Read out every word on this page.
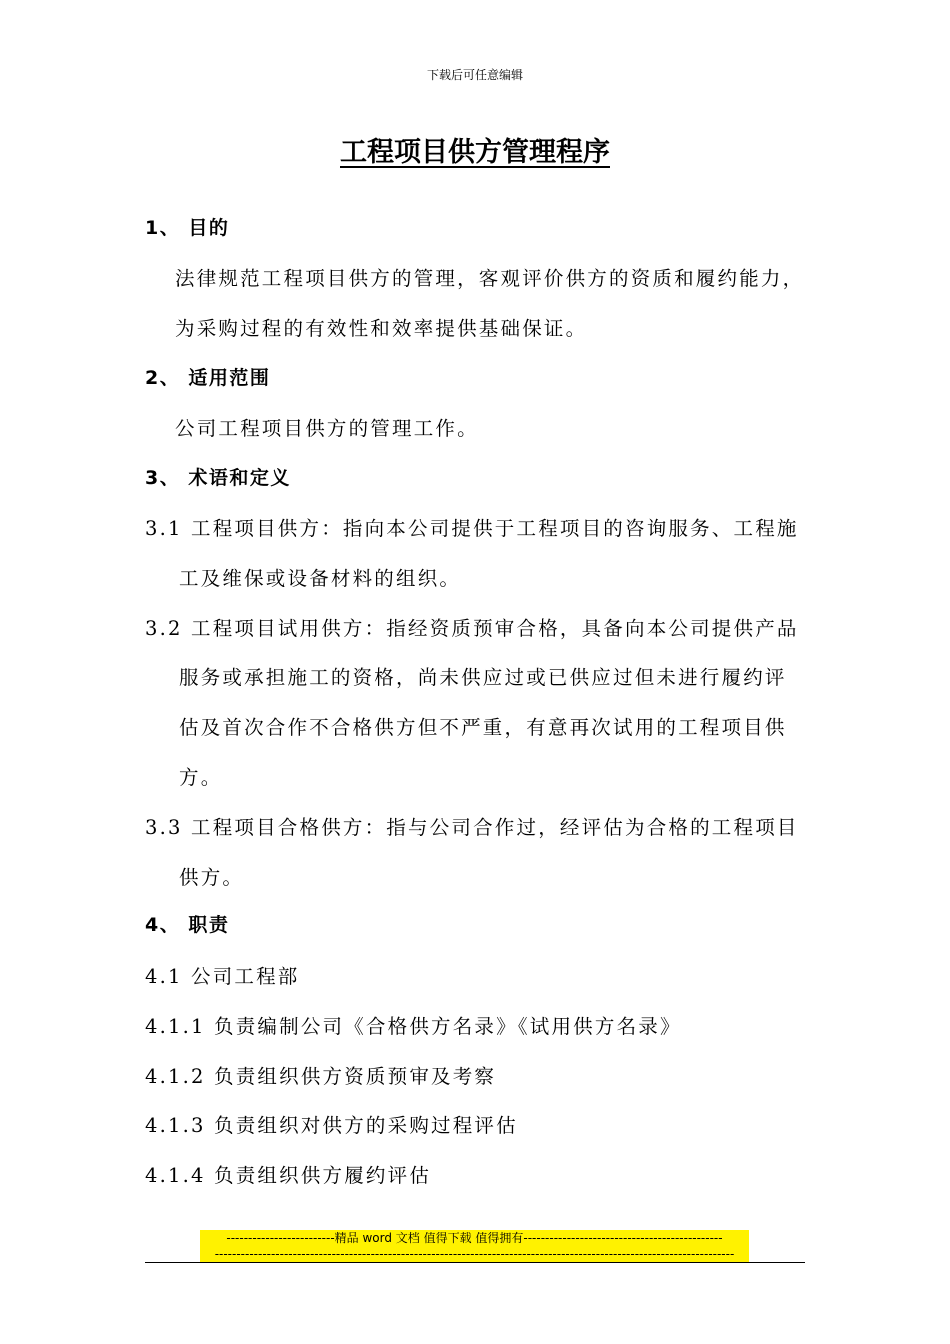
下载后可任意编辑
工程项目供方管理程序
1、 目的
法律规范工程项目供方的管理，客观评价供方的资质和履约能力，
为采购过程的有效性和效率提供基础保证。
2、 适用范围
公司工程项目供方的管理工作。
3、 术语和定义
3.1 工程项目供方：指向本公司提供于工程项目的咨询服务、工程施
工及维保或设备材料的组织。
3.2 工程项目试用供方：指经资质预审合格，具备向本公司提供产品
服务或承担施工的资格，尚未供应过或已供应过但未进行履约评
估及首次合作不合格供方但不严重，有意再次试用的工程项目供
方。
3.3 工程项目合格供方：指与公司合作过，经评估为合格的工程项目
供方。
4、 职责
4.1 公司工程部
4.1.1 负责编制公司《合格供方名录》《试用供方名录》
4.1.2 负责组织供方资质预审及考察
4.1.3 负责组织对供方的采购过程评估
4.1.4 负责组织供方履约评估
-------------------------精品 word 文档 值得下载 值得拥有----------------------------------------------
------------------------------------------------------------------------------------------------------------------------
